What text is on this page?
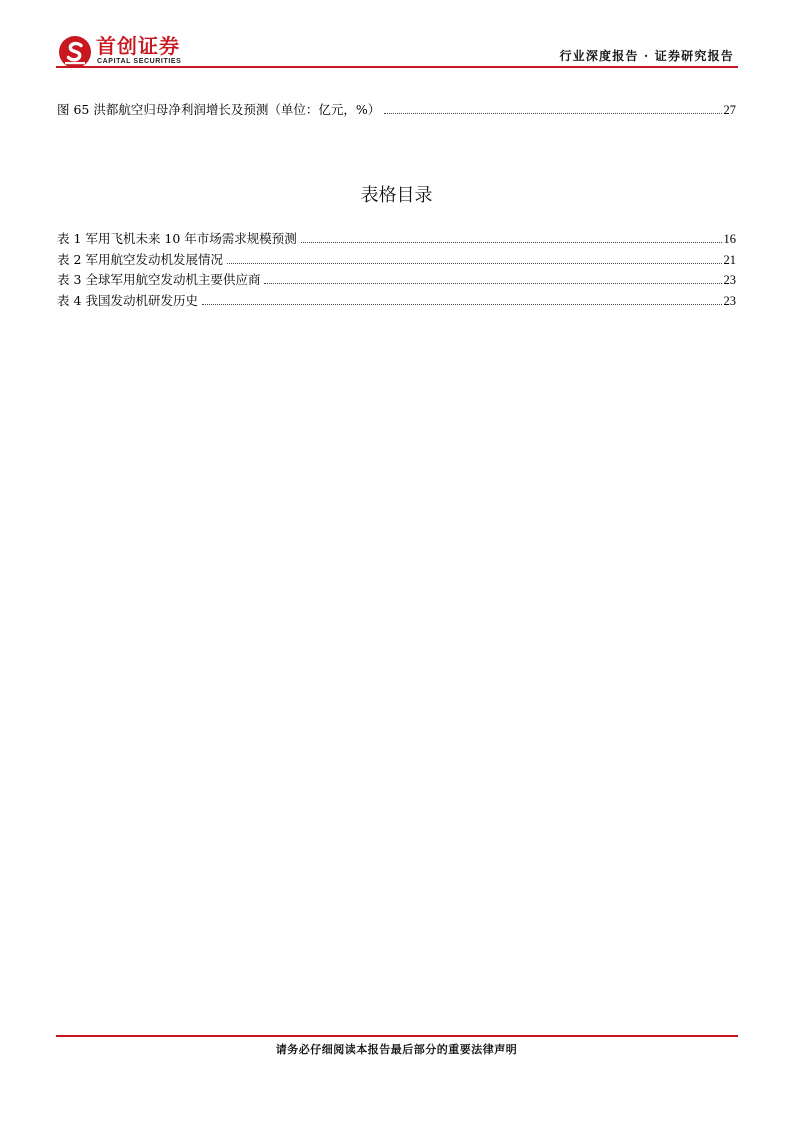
首创证券
CAPITAL SECURITIES	行业深度报告 · 证券研究报告
图 65 洪都航空归母净利润增长及预测（单位：亿元，%）	27
表格目录
表 1 军用飞机未来 10 年市场需求规模预测	16
表 2 军用航空发动机发展情况	21
表 3 全球军用航空发动机主要供应商	23
表 4 我国发动机研发历史	23
请务必仔细阅读本报告最后部分的重要法律声明
